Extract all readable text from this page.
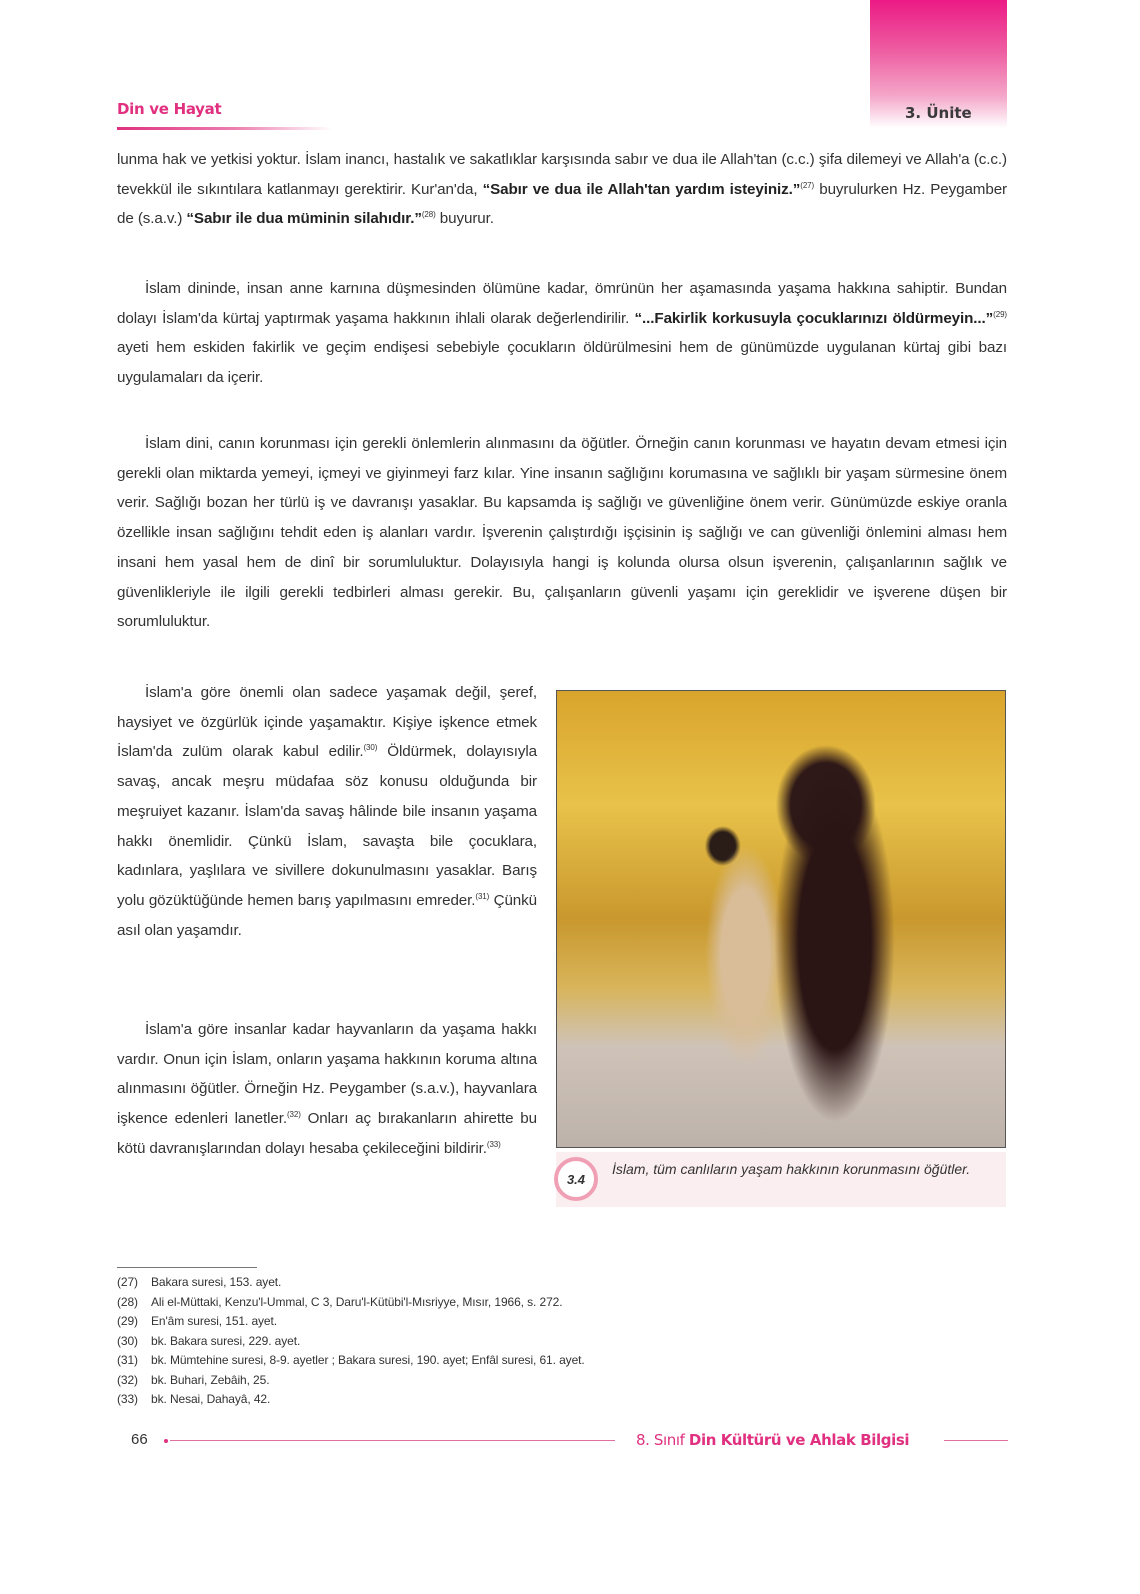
3. Ünite
Din ve Hayat

lunma hak ve yetkisi yoktur. İslam inancı, hastalık ve sakatlıklar karşısında sabır ve dua ile Allah'tan (c.c.) şifa dilemeyi ve Allah'a (c.c.) tevekkül ile sıkıntılara katlanmayı gerektirir. Kur'an'da, “Sabır ve dua ile Allah'tan yardım isteyiniz.”$^{(27)}$ buyrulurken Hz. Peygamber de (s.a.v.) “Sabır ile dua müminin silahıdır.”$^{(28)}$ buyurur.

İslam dininde, insan anne karnına düşmesinden ölümüne kadar, ömrünün her aşamasında yaşama hakkına sahiptir. Bundan dolayı İslam'da kürtaj yaptırmak yaşama hakkının ihlali olarak değerlendirilir. “...Fakirlik korkusuyla çocuklarınızı öldürmeyin...”$^{(29)}$ ayeti hem eskiden fakirlik ve geçim endişesi sebebiyle çocukların öldürülmesini hem de günümüzde uygulanan kürtaj gibi bazı uygulamaları da içerir.

İslam dini, canın korunması için gerekli önlemlerin alınmasını da öğütler. Örneğin canın korunması ve hayatın devam etmesi için gerekli olan miktarda yemeyi, içmeyi ve giyinmeyi farz kılar. Yine insanın sağlığını korumasına ve sağlıklı bir yaşam sürmesine önem verir. Sağlığı bozan her türlü iş ve davranışı yasaklar. Bu kapsamda iş sağlığı ve güvenliğine önem verir. Günümüzde eskiye oranla özellikle insan sağlığını tehdit eden iş alanları vardır. İşverenin çalıştırdığı işçisinin iş sağlığı ve can güvenliği önlemini alması hem insani hem yasal hem de dinî bir sorumluluktur. Dolayısıyla hangi iş kolunda olursa olsun işverenin, çalışanlarının sağlık ve güvenlikleriyle ile ilgili gerekli tedbirleri alması gerekir. Bu, çalışanların güvenli yaşamı için gereklidir ve işverene düşen bir sorumluluktur.

İslam'a göre önemli olan sadece yaşamak değil, şeref, haysiyet ve özgürlük içinde yaşamaktır. Kişiye işkence etmek İslam'da zulüm olarak kabul edilir.$^{(30)}$ Öldürmek, dolayısıyla savaş, ancak meşru müdafaa söz konusu olduğunda bir meşruiyet kazanır. İslam'da savaş hâlinde bile insanın yaşama hakkı önemlidir. Çünkü İslam, savaşta bile çocuklara, kadınlara, yaşlılara ve sivillere dokunulmasını yasaklar. Barış yolu gözüktüğünde hemen barış yapılmasını emreder.$^{(31)}$ Çünkü asıl olan yaşamdır.

İslam'a göre insanlar kadar hayvanların da yaşama hakkı vardır. Onun için İslam, onların yaşama hakkının koruma altına alınmasını öğütler. Örneğin Hz. Peygamber (s.a.v.), hayvanlara işkence edenleri lanetler.$^{(32)}$ Onları aç bırakanların ahirette bu kötü davranışlarından dolayı hesaba çekileceğini bildirir.$^{(33)}$

3.4
İslam, tüm canlıların yaşam hakkının korunmasını öğütler.
(27)	Bakara suresi, 153. ayet.
(28)	Ali el-Müttaki, Kenzu'l-Ummal, C 3, Daru'l-Kütübi'l-Mısriyye, Mısır, 1966, s. 272.
(29)	En'âm suresi, 151. ayet.
(30)	bk. Bakara suresi, 229. ayet.
(31)	bk. Mümtehine suresi, 8-9. ayetler ; Bakara suresi, 190. ayet; Enfâl suresi, 61. ayet.
(32)	bk. Buhari, Zebâih, 25.
(33)	bk. Nesai, Dahayâ, 42.
66	8. Sınıf Din Kültürü ve Ahlak Bilgisi
